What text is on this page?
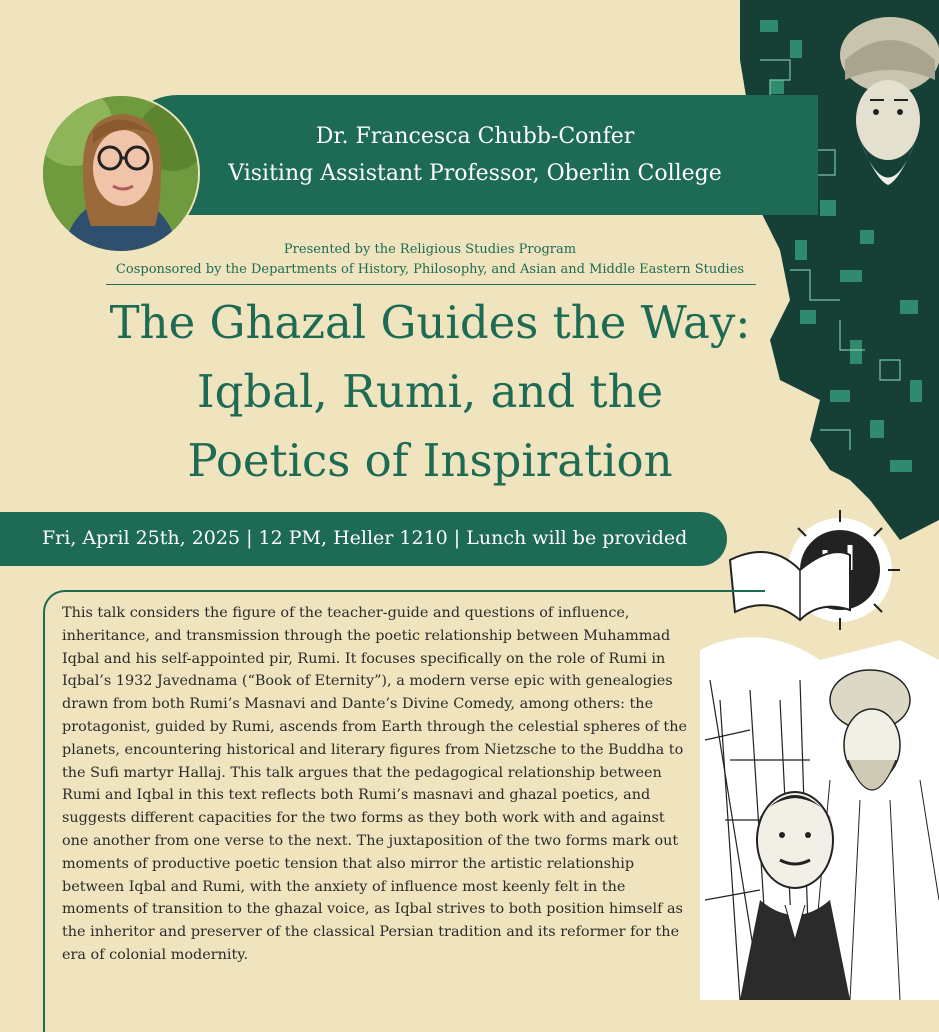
Dr. Francesca Chubb-Confer
Visiting Assistant Professor, Oberlin College
Presented by the Religious Studies Program
Cosponsored by the Departments of History, Philosophy, and Asian and Middle Eastern Studies
The Ghazal Guides the Way:
Iqbal, Rumi, and the
Poetics of Inspiration
Fri, April 25th, 2025 | 12 PM, Heller 1210 | Lunch will be provided
This talk considers the figure of the teacher-guide and questions of influence, inheritance, and transmission through the poetic relationship between Muhammad Iqbal and his self-appointed pir, Rumi. It focuses specifically on the role of Rumi in Iqbal’s 1932 Javednama (“Book of Eternity”), a modern verse epic with genealogies drawn from both Rumi’s Masnavi and Dante’s Divine Comedy, among others: the protagonist, guided by Rumi, ascends from Earth through the celestial spheres of the planets, encountering historical and literary figures from Nietzsche to the Buddha to the Sufi martyr Hallaj. This talk argues that the pedagogical relationship between Rumi and Iqbal in this text reflects both Rumi’s masnavi and ghazal poetics, and suggests different capacities for the two forms as they both work with and against one another from one verse to the next. The juxtaposition of the two forms mark out moments of productive poetic tension that also mirror the artistic relationship between Iqbal and Rumi, with the anxiety of influence most keenly felt in the moments of transition to the ghazal voice, as Iqbal strives to both position himself as the inheritor and preserver of the classical Persian tradition and its reformer for the era of colonial modernity.
